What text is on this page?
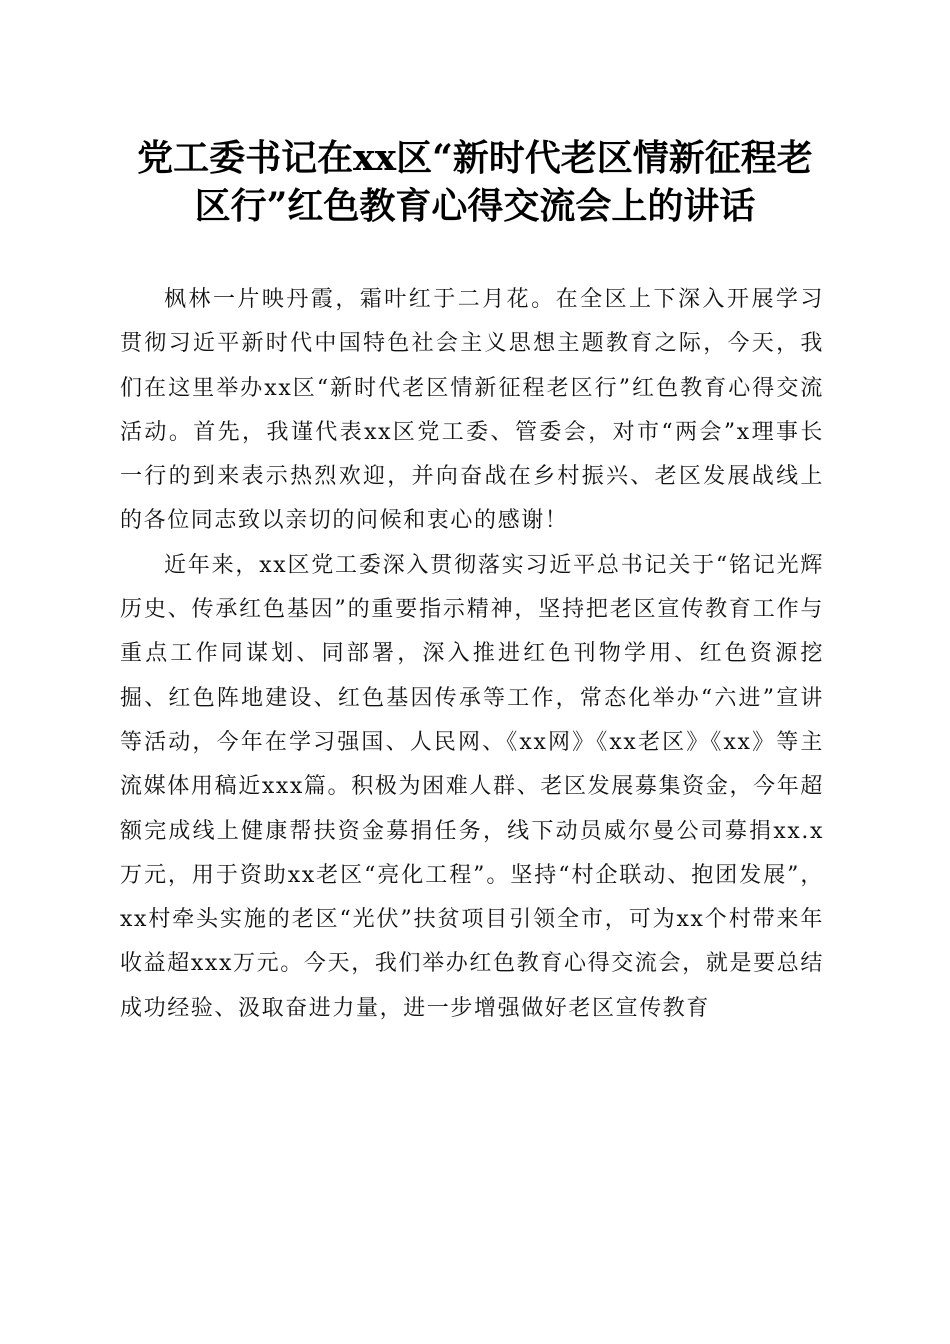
党工委书记在xx区“新时代老区情新征程老
区行”红色教育心得交流会上的讲话

枫林一片映丹霞，霜叶红于二月花。在全区上下深入开展学习贯彻习近平新时代中国特色社会主义思想主题教育之际，今天，我们在这里举办xx区“新时代老区情新征程老区行”红色教育心得交流活动。首先，我谨代表xx区党工委、管委会，对市“两会”x理事长一行的到来表示热烈欢迎，并向奋战在乡村振兴、老区发展战线上的各位同志致以亲切的问候和衷心的感谢！

近年来，xx区党工委深入贯彻落实习近平总书记关于“铭记光辉历史、传承红色基因”的重要指示精神，坚持把老区宣传教育工作与重点工作同谋划、同部署，深入推进红色刊物学用、红色资源挖掘、红色阵地建设、红色基因传承等工作，常态化举办“六进”宣讲等活动，今年在学习强国、人民网、《xx网》《xx老区》《xx》等主流媒体用稿近xxx篇。积极为困难人群、老区发展募集资金，今年超额完成线上健康帮扶资金募捐任务，线下动员威尔曼公司募捐xx.x万元，用于资助xx老区“亮化工程”。坚持“村企联动、抱团发展”，xx村牵头实施的老区“光伏”扶贫项目引领全市，可为xx个村带来年收益超xxx万元。今天，我们举办红色教育心得交流会，就是要总结成功经验、汲取奋进力量，进一步增强做好老区宣传教育
